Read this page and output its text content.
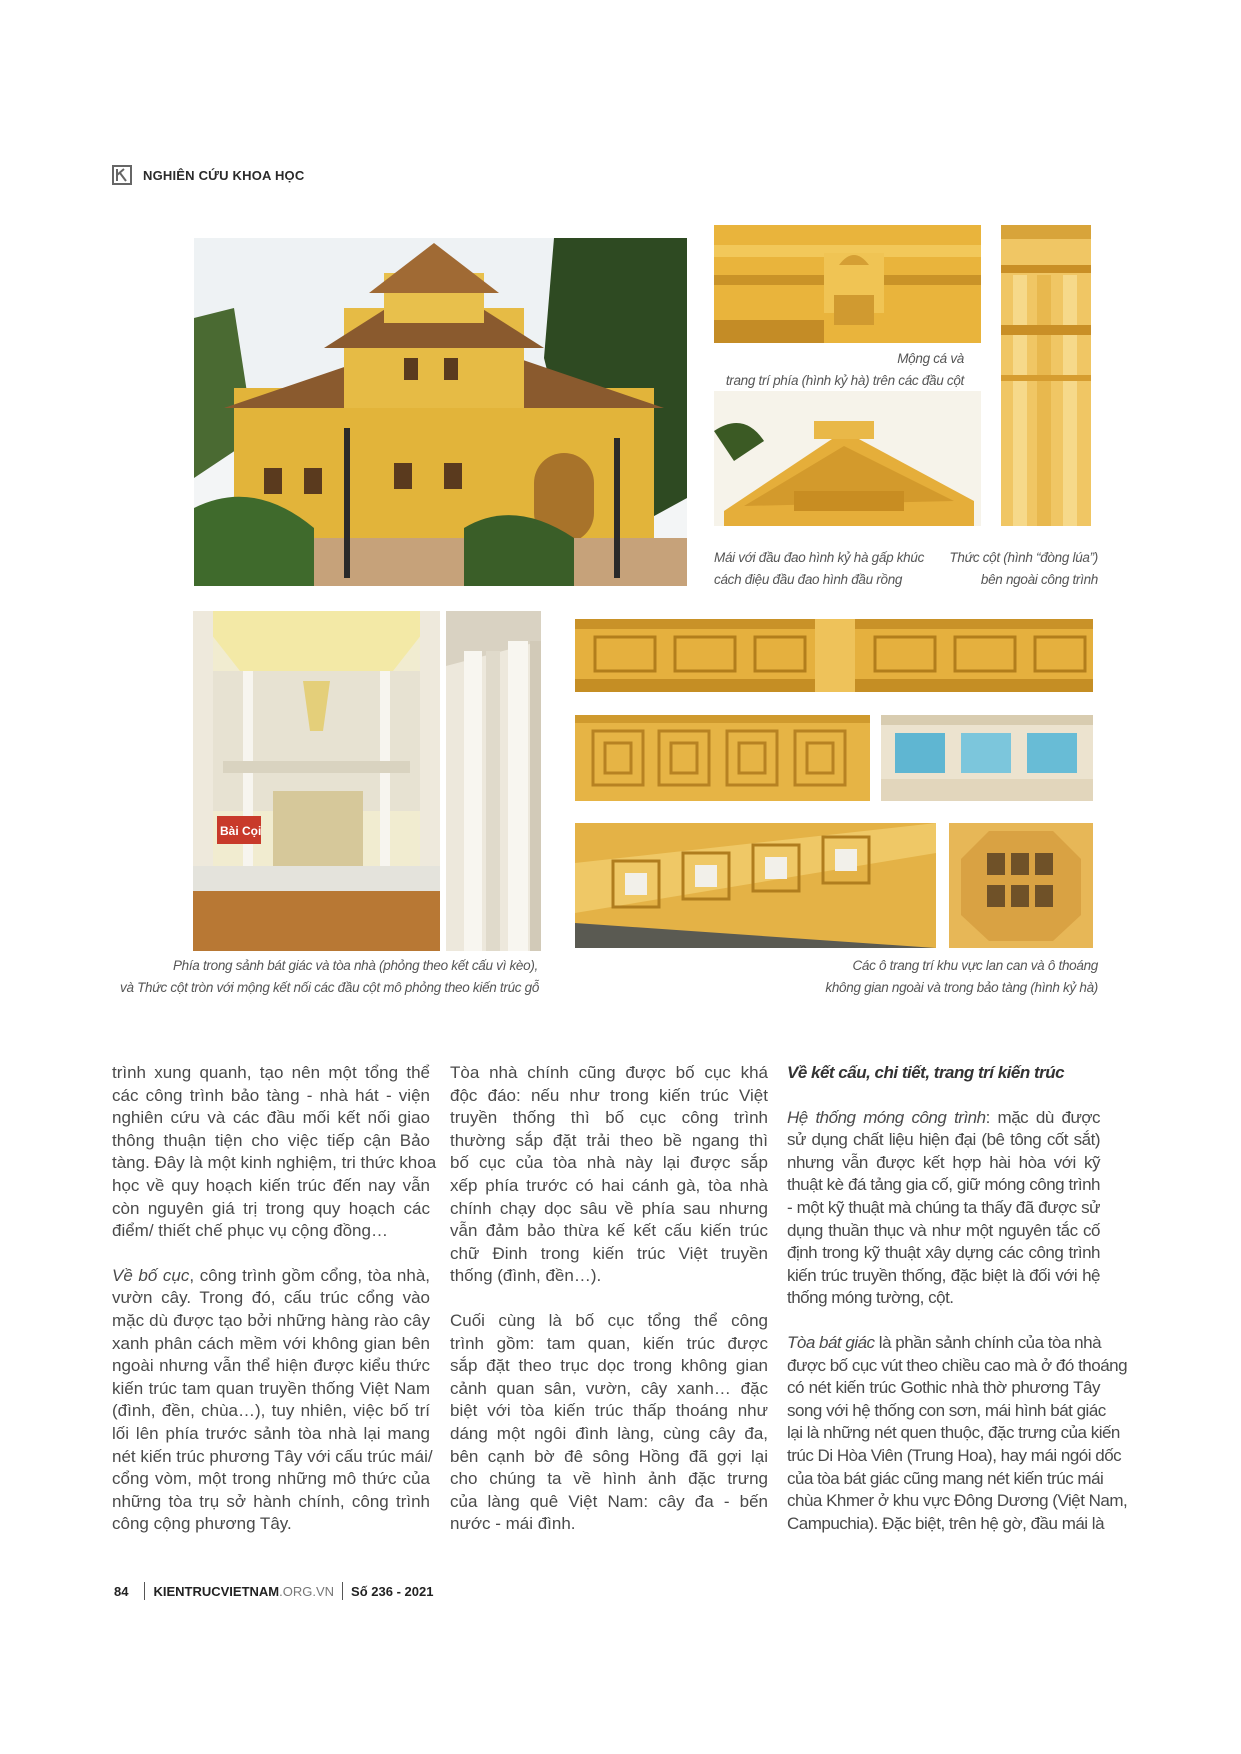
NGHIÊN CỨU KHOA HỌC
Bài Cọi
Mộng cá và
trang trí phía (hình kỷ hà) trên các đầu cột
Mái với đầu đao hình kỷ hà gấp khúc
cách điệu đầu đao hình đầu rồng
Thức cột (hình “đòng lúa”)
bên ngoài công trình
Phía trong sảnh bát giác và tòa nhà (phỏng theo kết cấu vì kèo),
và Thức cột tròn với mộng kết nối các đầu cột mô phỏng theo kiến trúc gỗ
Các ô trang trí khu vực lan can và ô thoáng
không gian ngoài và trong bảo tàng (hình kỷ hà)
trình xung quanh, tạo nên một tổng thể
các công trình bảo tàng - nhà hát - viện
nghiên cứu và các đầu mối kết nối giao
thông thuận tiện cho việc tiếp cận Bảo
tàng. Đây là một kinh nghiệm, tri thức khoa
học về quy hoạch kiến trúc đến nay vẫn
còn nguyên giá trị trong quy hoạch các
điểm/ thiết chế phục vụ cộng đồng…
Về bố cục, công trình gồm cổng, tòa nhà,
vườn cây. Trong đó, cấu trúc cổng vào
mặc dù được tạo bởi những hàng rào cây
xanh phân cách mềm với không gian bên
ngoài nhưng vẫn thể hiện được kiểu thức
kiến trúc tam quan truyền thống Việt Nam
(đình, đền, chùa…), tuy nhiên, việc bố trí
lối lên phía trước sảnh tòa nhà lại mang
nét kiến trúc phương Tây với cấu trúc mái/
cổng vòm, một trong những mô thức của
những tòa trụ sở hành chính, công trình
công cộng phương Tây.
Tòa nhà chính cũng được bố cục khá
độc đáo: nếu như trong kiến trúc Việt
truyền thống thì bố cục công trình
thường sắp đặt trải theo bề ngang thì
bố cục của tòa nhà này lại được sắp
xếp phía trước có hai cánh gà, tòa nhà
chính chạy dọc sâu về phía sau nhưng
vẫn đảm bảo thừa kế kết cấu kiến trúc
chữ Đinh trong kiến trúc Việt truyền
thống (đình, đền…).
Cuối cùng là bố cục tổng thể công
trình gồm: tam quan, kiến trúc được
sắp đặt theo trục dọc trong không gian
cảnh quan sân, vườn, cây xanh… đặc
biệt với tòa kiến trúc thấp thoáng như
dáng một ngôi đình làng, cùng cây đa,
bên cạnh bờ đê sông Hồng đã gợi lại
cho chúng ta về hình ảnh đặc trưng
của làng quê Việt Nam: cây đa - bến
nước - mái đình.
Về kết cấu, chi tiết, trang trí kiến trúc
Hệ thống móng công trình: mặc dù được
sử dụng chất liệu hiện đại (bê tông cốt sắt)
nhưng vẫn được kết hợp hài hòa với kỹ
thuật kè đá tảng gia cố, giữ móng công trình
- một kỹ thuật mà chúng ta thấy đã được sử
dụng thuần thục và như một nguyên tắc cố
định trong kỹ thuật xây dựng các công trình
kiến trúc truyền thống, đặc biệt là đối với hệ
thống móng tường, cột.
Tòa bát giác là phần sảnh chính của tòa nhà
được bố cục vút theo chiều cao mà ở đó thoáng
có nét kiến trúc Gothic nhà thờ phương Tây
song với hệ thống con sơn, mái hình bát giác
lại là những nét quen thuộc, đặc trưng của kiến
trúc Di Hòa Viên (Trung Hoa), hay mái ngói dốc
của tòa bát giác cũng mang nét kiến trúc mái
chùa Khmer ở khu vực Đông Dương (Việt Nam,
Campuchia). Đặc biệt, trên hệ gờ, đầu mái là
84 KIENTRUCVIETNAM.ORG.VN Số 236 - 2021
